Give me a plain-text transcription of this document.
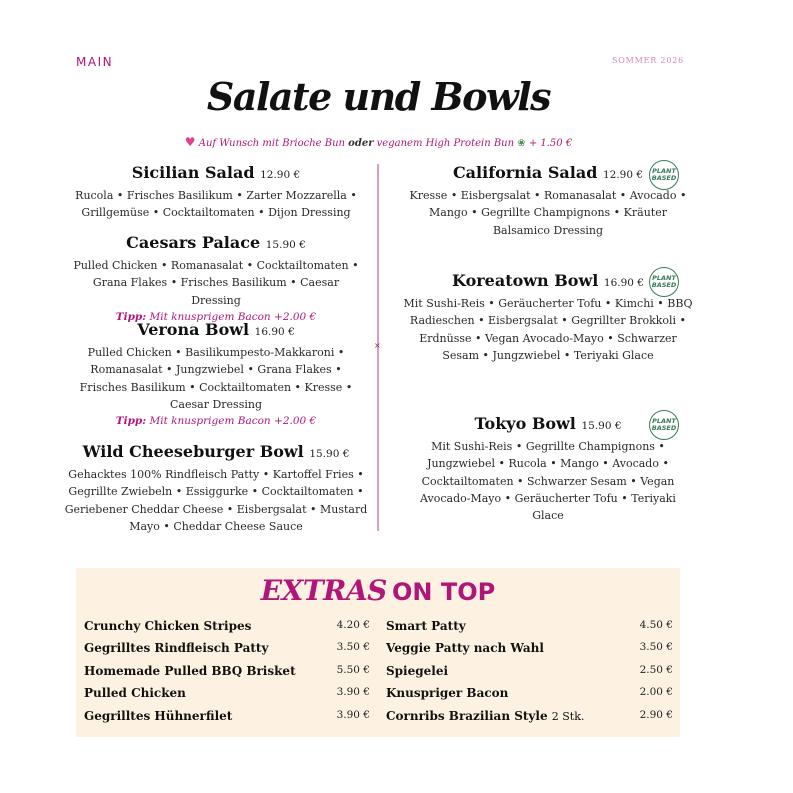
MAIN	SOMMER 2026
Salate und Bowls
♥ Auf Wunsch mit Brioche Bun oder veganem High Protein Bun ❀ + 1.50 €
Sicilian Salad 12.90 €
Rucola • Frisches Basilikum • Zarter Mozzarella • Grillgemüse • Cocktailtomaten • Dijon Dressing
Caesars Palace 15.90 €
Pulled Chicken • Romanasalat • Cocktailtomaten • Grana Flakes • Frisches Basilikum • Caesar Dressing
Tipp: Mit knusprigem Bacon +2.00 €
Verona Bowl 16.90 €
Pulled Chicken • Basilikumpesto-Makkaroni • Romanasalat • Jungzwiebel • Grana Flakes • Frisches Basilikum • Cocktailtomaten • Kresse • Caesar Dressing
Tipp: Mit knusprigem Bacon +2.00 €
Wild Cheeseburger Bowl 15.90 €
Gehacktes 100% Rindfleisch Patty • Kartoffel Fries • Gegrillte Zwiebeln • Essiggurke • Cocktailtomaten • Geriebener Cheddar Cheese • Eisbergsalat • Mustard Mayo • Cheddar Cheese Sauce
×
California Salad 12.90 €
Kresse • Eisbergsalat • Romanasalat • Avocado • Mango • Gegrillte Champignons • Kräuter Balsamico Dressing
PLANT BASED
Koreatown Bowl 16.90 €
Mit Sushi-Reis • Geräucherter Tofu • Kimchi • BBQ Radieschen • Eisbergsalat • Gegrillter Brokkoli • Erdnüsse • Vegan Avocado-Mayo • Schwarzer Sesam • Jungzwiebel • Teriyaki Glace
PLANT BASED
Tokyo Bowl 15.90 €
Mit Sushi-Reis • Gegrillte Champignons • Jungzwiebel • Rucola • Mango • Avocado • Cocktailtomaten • Schwarzer Sesam • Vegan Avocado-Mayo • Geräucherter Tofu • Teriyaki Glace
PLANT BASED
EXTRAS ON TOP
Crunchy Chicken Stripes	4.20 €
Gegrilltes Rindfleisch Patty	3.50 €
Homemade Pulled BBQ Brisket	5.50 €
Pulled Chicken	3.90 €
Gegrilltes Hühnerfilet	3.90 €
Smart Patty	4.50 €
Veggie Patty nach Wahl	3.50 €
Spiegelei	2.50 €
Knuspriger Bacon	2.00 €
Cornribs Brazilian Style 2 Stk.	2.90 €
